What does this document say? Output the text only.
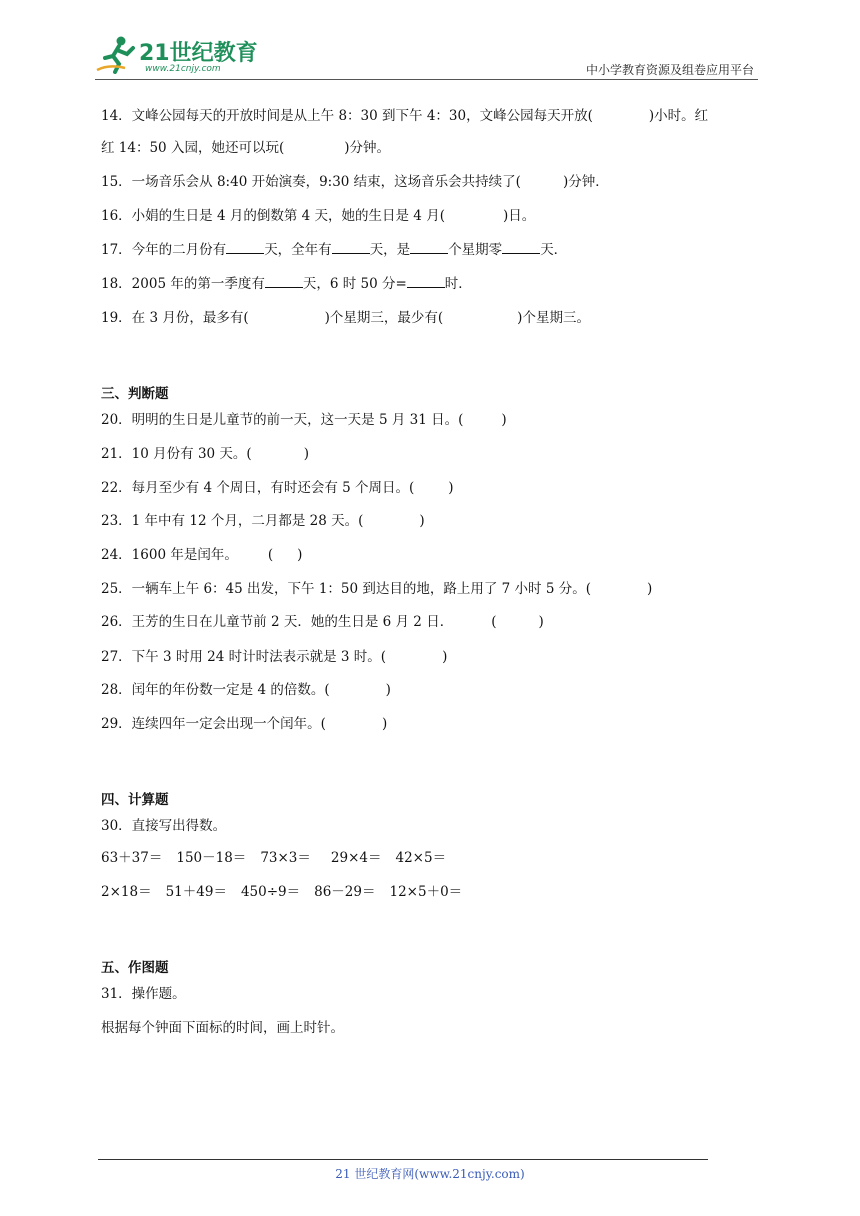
21世纪教育
www.21cnjy.com	中小学教育资源及组卷应用平台
14．文峰公园每天的开放时间是从上午 8：30 到下午 4：30，文峰公园每天开放(	)小时。红
红 14：50 入园，她还可以玩(	)分钟。
15．一场音乐会从 8:40 开始演奏，9:30 结束，这场音乐会共持续了(	)分钟．
16．小娟的生日是 4 月的倒数第 4 天，她的生日是 4 月(	)日。
17．今年的二月份有	天，全年有	天，是	个星期零	天．
18．2005 年的第一季度有	天，6 时 50 分=	时．
19．在 3 月份，最多有(	)个星期三，最少有(	)个星期三。
三、判断题
20．明明的生日是儿童节的前一天，这一天是 5 月 31 日。(	)
21．10 月份有 30 天。(	)
22．每月至少有 4 个周日，有时还会有 5 个周日。(	)
23．1 年中有 12 个月，二月都是 28 天。(	)
24．1600 年是闰年。 ( )
25．一辆车上午 6：45 出发，下午 1：50 到达目的地，路上用了 7 小时 5 分。(	)
26．王芳的生日在儿童节前 2 天．她的生日是 6 月 2 日．	(	)
27．下午 3 时用 24 时计时法表示就是 3 时。(	)
28．闰年的年份数一定是 4 的倍数。(	)
29．连续四年一定会出现一个闰年。(	)
四、计算题
30．直接写出得数。
63＋37＝ 150－18＝ 73×3＝ 29×4＝ 42×5＝
2×18＝ 51＋49＝ 450÷9＝ 86－29＝ 12×5＋0＝
五、作图题
31．操作题。
根据每个钟面下面标的时间，画上时针。
21 世纪教育网(www.21cnjy.com)
